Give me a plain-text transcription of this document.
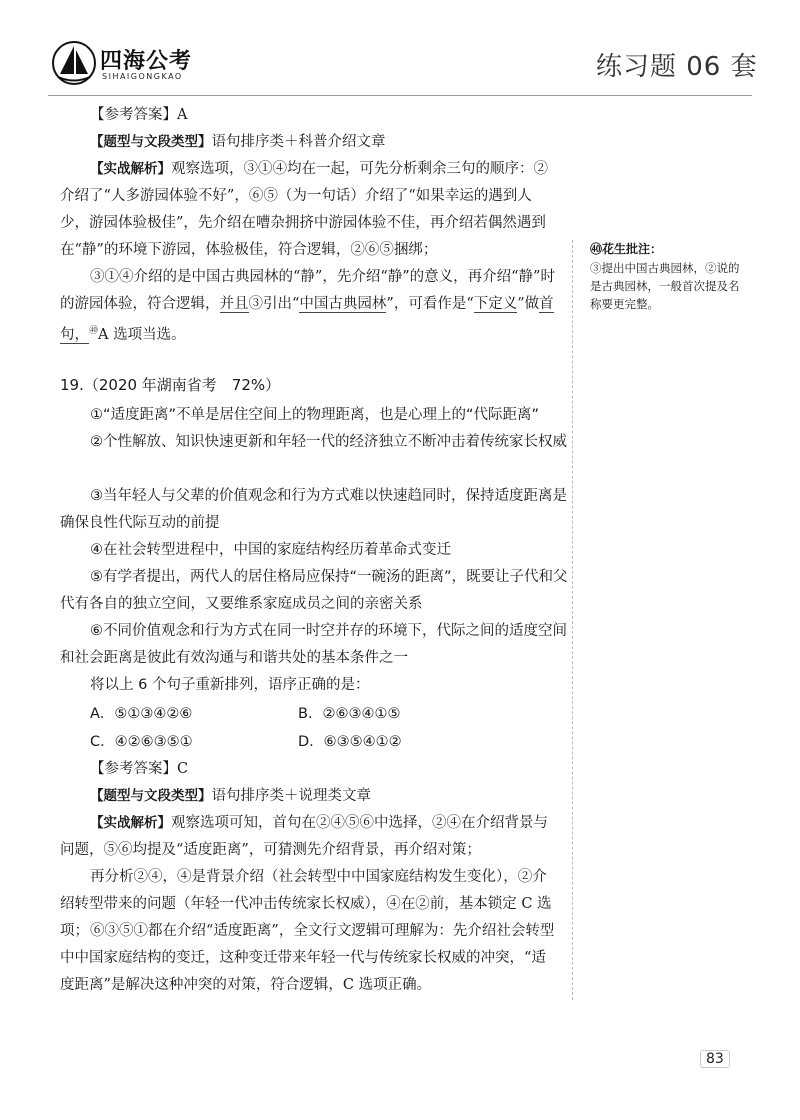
四海公考
SIHAIGONGKAO	练习题 06 套
【参考答案】A
【题型与文段类型】语句排序类＋科普介绍文章
【实战解析】观察选项，③①④均在一起，可先分析剩余三句的顺序：②介绍了“人多游园体验不好”，⑥⑤（为一句话）介绍了“如果幸运的遇到人少，游园体验极佳”，先介绍在嘈杂拥挤中游园体验不佳，再介绍若偶然遇到在“静”的环境下游园，体验极佳，符合逻辑，②⑥⑤捆绑；
③①④介绍的是中国古典园林的“静”，先介绍“静”的意义，再介绍“静”时的游园体验，符合逻辑，并且③引出“中国古典园林”，可看作是“下定义”做首句，$^㊵$A 选项当选。
㊵花生批注：
③提出中国古典园林，②说的是古典园林，一般首次提及名称要更完整。
19.（2020 年湖南省考　72%）
①“适度距离”不单是居住空间上的物理距离，也是心理上的“代际距离”
②个性解放、知识快速更新和年轻一代的经济独立不断冲击着传统家长权威
③当年轻人与父辈的价值观念和行为方式难以快速趋同时，保持适度距离是确保良性代际互动的前提
④在社会转型进程中，中国的家庭结构经历着革命式变迁
⑤有学者提出，两代人的居住格局应保持“一碗汤的距离”，既要让子代和父代有各自的独立空间，又要维系家庭成员之间的亲密关系
⑥不同价值观念和行为方式在同一时空并存的环境下，代际之间的适度空间和社会距离是彼此有效沟通与和谐共处的基本条件之一
将以上 6 个句子重新排列，语序正确的是：
A．⑤①③④②⑥	B．②⑥③④①⑤
C．④②⑥③⑤①	D．⑥③⑤④①②
【参考答案】C
【题型与文段类型】语句排序类＋说理类文章
【实战解析】观察选项可知，首句在②④⑤⑥中选择，②④在介绍背景与问题，⑤⑥均提及“适度距离”，可猜测先介绍背景，再介绍对策；
再分析②④，④是背景介绍（社会转型中中国家庭结构发生变化），②介绍转型带来的问题（年轻一代冲击传统家长权威），④在②前，基本锁定 C 选项； ⑥③⑤①都在介绍“适度距离”，全文行文逻辑可理解为：先介绍社会转型中中国家庭结构的变迁，这种变迁带来年轻一代与传统家长权威的冲突，“适度距离”是解决这种冲突的对策，符合逻辑，C 选项正确。
83
